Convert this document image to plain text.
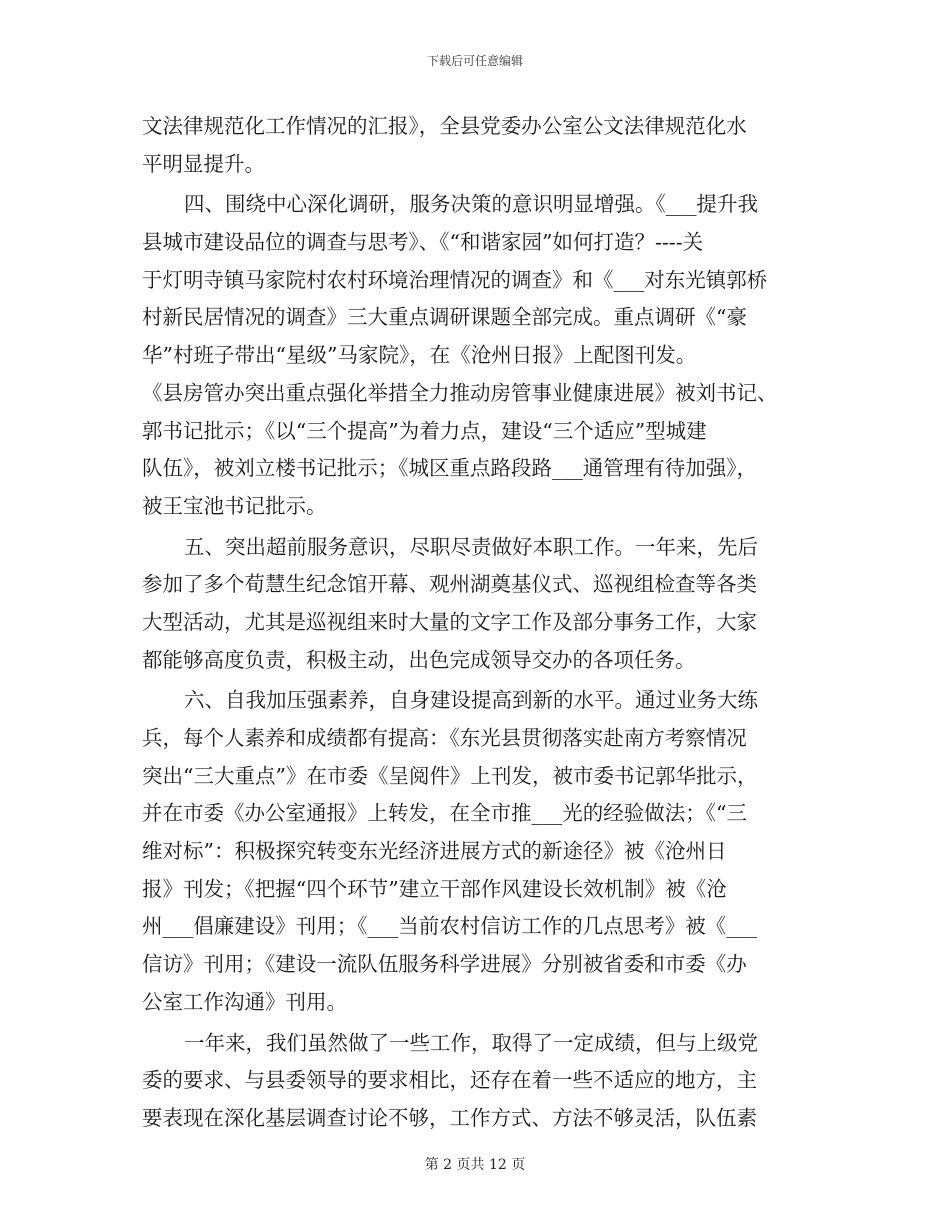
下载后可任意编辑
文法律规范化工作情况的汇报》，全县党委办公室公文法律规范化水
平明显提升。
四、围绕中心深化调研，服务决策的意识明显增强。《___提升我
县城市建设品位的调查与思考》、《“和谐家园”如何打造？----关
于灯明寺镇马家院村农村环境治理情况的调查》和《___对东光镇郭桥
村新民居情况的调查》三大重点调研课题全部完成。重点调研《“豪
华”村班子带出“星级”马家院》，在《沧州日报》上配图刊发。
《县房管办突出重点强化举措全力推动房管事业健康进展》被刘书记、
郭书记批示；《以“三个提高”为着力点，建设“三个适应”型城建
队伍》，被刘立楼书记批示；《城区重点路段路___通管理有待加强》，
被王宝池书记批示。
五、突出超前服务意识，尽职尽责做好本职工作。一年来，先后
参加了多个荀慧生纪念馆开幕、观州湖奠基仪式、巡视组检查等各类
大型活动，尤其是巡视组来时大量的文字工作及部分事务工作，大家
都能够高度负责，积极主动，出色完成领导交办的各项任务。
六、自我加压强素养，自身建设提高到新的水平。通过业务大练
兵，每个人素养和成绩都有提高：《东光县贯彻落实赴南方考察情况
突出“三大重点”》在市委《呈阅件》上刊发，被市委书记郭华批示，
并在市委《办公室通报》上转发，在全市推___光的经验做法；《“三
维对标”：积极探究转变东光经济进展方式的新途径》被《沧州日
报》刊发；《把握“四个环节”建立干部作风建设长效机制》被《沧
州___倡廉建设》刊用；《___当前农村信访工作的几点思考》被《___
信访》刊用；《建设一流队伍服务科学进展》分别被省委和市委《办
公室工作沟通》刊用。
一年来，我们虽然做了一些工作，取得了一定成绩，但与上级党
委的要求、与县委领导的要求相比，还存在着一些不适应的地方，主
要表现在深化基层调查讨论不够，工作方式、方法不够灵活，队伍素
第 2 页共 12 页
